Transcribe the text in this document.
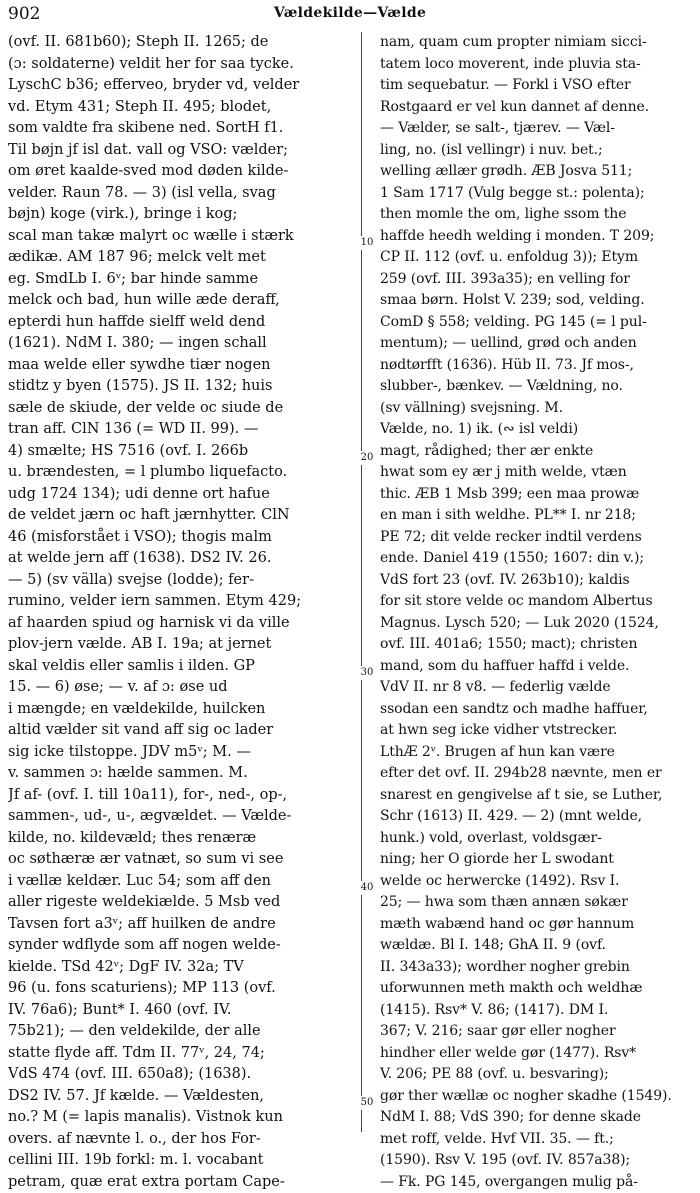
902	Vældekilde—Vælde
(ovf. II. 681b60); Steph II. 1265; de
(ɔ: soldaterne) veldit her for saa tycke.
LyschC b36; efferveo, bryder vd, velder
vd. Etym 431; Steph II. 495; blodet,
som valdte fra skibene ned. SortH f1.
Til bøjn jf isl dat. vall og VSO: vælder;
om øret kaalde-sved mod døden kilde-
velder. Raun 78. — 3) (isl vella, svag
bøjn) koge (virk.), bringe i kog;
scal man takæ malyrt oc wælle i stærk
ædikæ. AM 187 96; melck velt met
eg. SmdLb I. 6ᵛ; bar hinde samme
melck och bad, hun wille æde deraff,
epterdi hun haffde sielff weld dend
(1621). NdM I. 380; — ingen schall
maa welde eller sywdhe tiær nogen
stidtz y byen (1575). JS II. 132; huis
sæle de skiude, der velde oc siude de
tran aff. ClN 136 (= WD II. 99). —
4) smælte; HS 7516 (ovf. I. 266b
u. brændesten, = l plumbo liquefacto.
udg 1724 134); udi denne ort hafue
de veldet jærn oc haft jærnhytter. ClN
46 (misforstået i VSO); thogis malm
at welde jern aff (1638). DS2 IV. 26.
— 5) (sv välla) svejse (lodde); fer-
rumino, velder iern sammen. Etym 429;
af haarden spiud og harnisk vi da ville
plov-jern vælde. AB I. 19a; at jernet
skal veldis eller samlis i ilden. GP
15. — 6) øse; — v. af ɔ: øse ud
i mængde; en vældekilde, huilcken
altid vælder sit vand aff sig oc lader
sig icke tilstoppe. JDV m5ᵛ; M. —
v. sammen ɔ: hælde sammen. M.
Jf af- (ovf. I. till 10a11), for-, ned-, op-,
sammen-, ud-, u-, ægvældet. — Vælde-
kilde, no. kildevæld; thes renæræ
oc søthæræ ær vatnæt, so sum vi see
i vællæ keldær. Luc 54; som aff den
aller rigeste weldekiælde. 5 Msb ved
Tavsen fort a3ᵛ; aff huilken de andre
synder wdflyde som aff nogen welde-
kielde. TSd 42ᵛ; DgF IV. 32a; TV
96 (u. fons scaturiens); MP 113 (ovf.
IV. 76a6); Bunt* I. 460 (ovf. IV.
75b21); — den veldekilde, der alle
statte flyde aff. Tdm II. 77ᵛ, 24, 74;
VdS 474 (ovf. III. 650a8); (1638).
DS2 IV. 57. Jf kælde. — Vældesten,
no.? M (= lapis manalis). Vistnok kun
overs. af nævnte l. o., der hos For-
cellini III. 19b forkl: m. l. vocabant
petram, quæ erat extra portam Cape-
10
20
30
40
50
nam, quam cum propter nimiam sicci-
tatem loco moverent, inde pluvia sta-
tim sequebatur. — Forkl i VSO efter
Rostgaard er vel kun dannet af denne.
— Vælder, se salt-, tjærev. — Væl-
ling, no. (isl vellingr) i nuv. bet.;
welling ællær grødh. ÆB Josva 511;
1 Sam 1717 (Vulg begge st.: polenta);
then momle the om, lighe ssom the
haffde heedh welding i monden. T 209;
CP II. 112 (ovf. u. enfoldug 3)); Etym
259 (ovf. III. 393a35); en velling for
smaa børn. Holst V. 239; sod, velding.
ComD § 558; velding. PG 145 (= l pul-
mentum); — uellind, grød och anden
nødtørfft (1636). Hüb II. 73. Jf mos-,
slubber-, bænkev. — Vældning, no.
(sv vällning) svejsning. M.
Vælde, no. 1) ik. (∾ isl veldi)
magt, rådighed; ther ær enkte
hwat som ey ær j mith welde, vtæn
thic. ÆB 1 Msb 399; een maa prowæ
en man i sith weldhe. PL** I. nr 218;
PE 72; dit velde recker indtil verdens
ende. Daniel 419 (1550; 1607: din v.);
VdS fort 23 (ovf. IV. 263b10); kaldis
for sit store velde oc mandom Albertus
Magnus. Lysch 520; — Luk 2020 (1524,
ovf. III. 401a6; 1550; mact); christen
mand, som du haffuer haffd i velde.
VdV II. nr 8 v8. — federlig vælde
ssodan een sandtz och madhe haffuer,
at hwn seg icke vidher vtstrecker.
LthÆ 2ᵛ. Brugen af hun kan være
efter det ovf. II. 294b28 nævnte, men er
snarest en gengivelse af t sie, se Luther,
Schr (1613) II. 429. — 2) (mnt welde,
hunk.) vold, overlast, voldsgær-
ning; her O giorde her L swodant
welde oc herwercke (1492). Rsv I.
25; — hwa som thæn annæn søkær
mæth wabænd hand oc gør hannum
wældæ. Bl I. 148; GhA II. 9 (ovf.
II. 343a33); wordher nogher grebin
uforwunnen meth makth och weldhæ
(1415). Rsv* V. 86; (1417). DM I.
367; V. 216; saar gør eller nogher
hindher eller welde gør (1477). Rsv*
V. 206; PE 88 (ovf. u. besvaring);
gør ther wællæ oc nogher skadhe (1549).
NdM I. 88; VdS 390; for denne skade
met roff, velde. Hvf VII. 35. — ft.;
(1590). Rsv V. 195 (ovf. IV. 857a38);
— Fk. PG 145, overgangen mulig på-
